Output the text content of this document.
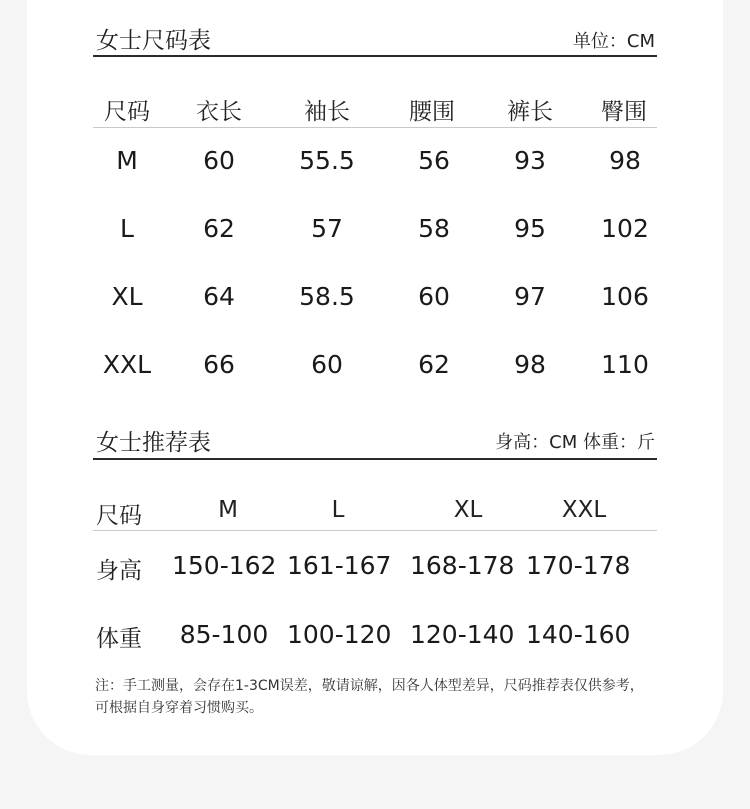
女士尺码表	单位：CM
尺码	衣长	袖长	腰围	裤长	臀围
M	60	55.5	56	93	98
L	62	57	58	95	102
XL	64	58.5	60	97	106
XXL	66	60	62	98	110
女士推荐表	身高：CM 体重：斤
尺码	M	L	XL	XXL
身高 150-162 161-167 168-178 170-178
体重	85-100 100-120 120-140 140-160
注：手工测量，会存在1-3CM误差，敬请谅解，因各人体型差异，尺码推荐表仅供参考，
可根据自身穿着习惯购买。
